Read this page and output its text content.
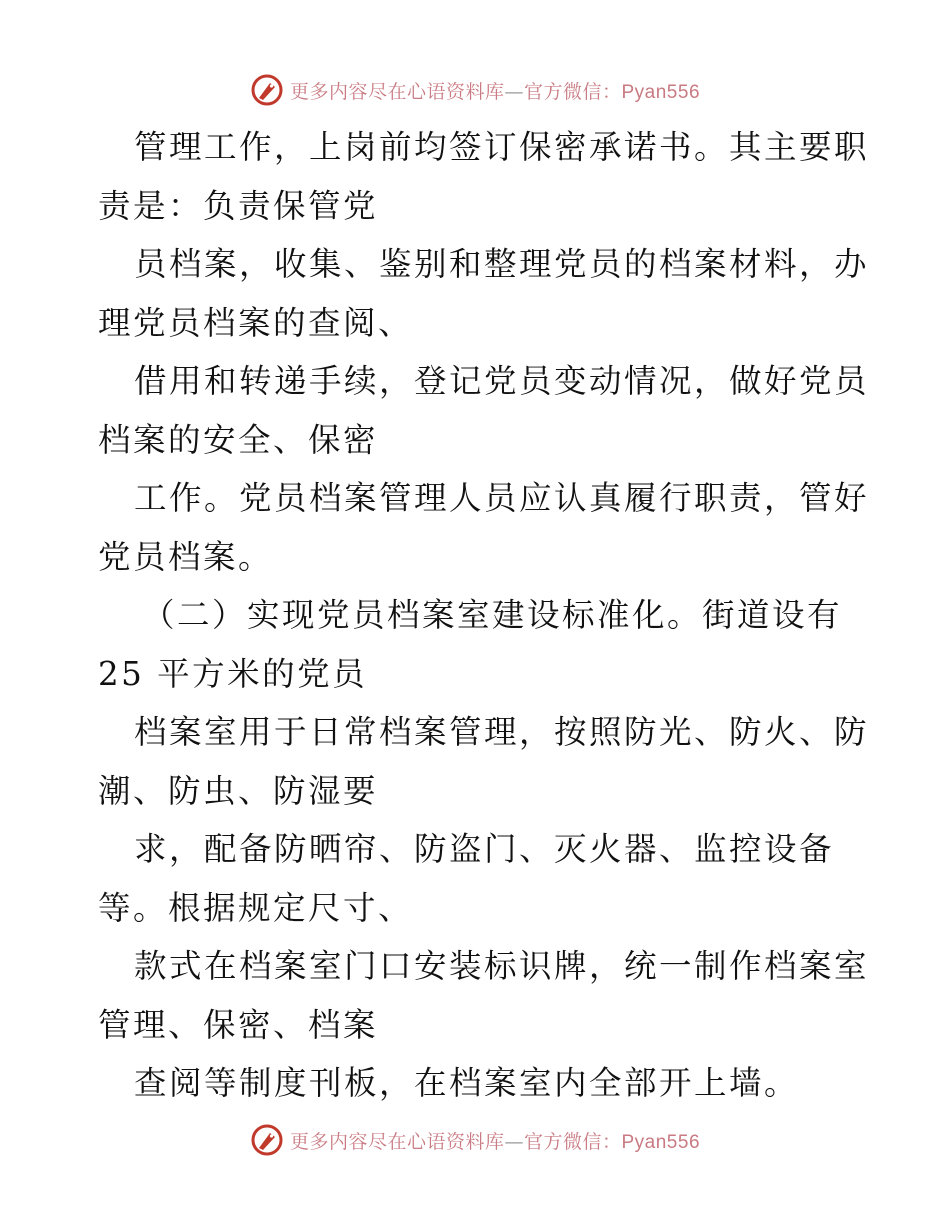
更多内容尽在心语资料库—官方微信：Pyan556
管理工作，上岗前均签订保密承诺书。其主要职
责是：负责保管党
员档案，收集、鉴别和整理党员的档案材料，办
理党员档案的查阅、
借用和转递手续，登记党员变动情况，做好党员
档案的安全、保密
工作。党员档案管理人员应认真履行职责，管好
党员档案。
（二）实现党员档案室建设标准化。街道设有
25 平方米的党员
档案室用于日常档案管理，按照防光、防火、防
潮、防虫、防湿要
求，配备防晒帘、防盗门、灭火器、监控设备
等。根据规定尺寸、
款式在档案室门口安装标识牌，统一制作档案室
管理、保密、档案
查阅等制度刊板，在档案室内全部开上墙。
更多内容尽在心语资料库—官方微信：Pyan556
